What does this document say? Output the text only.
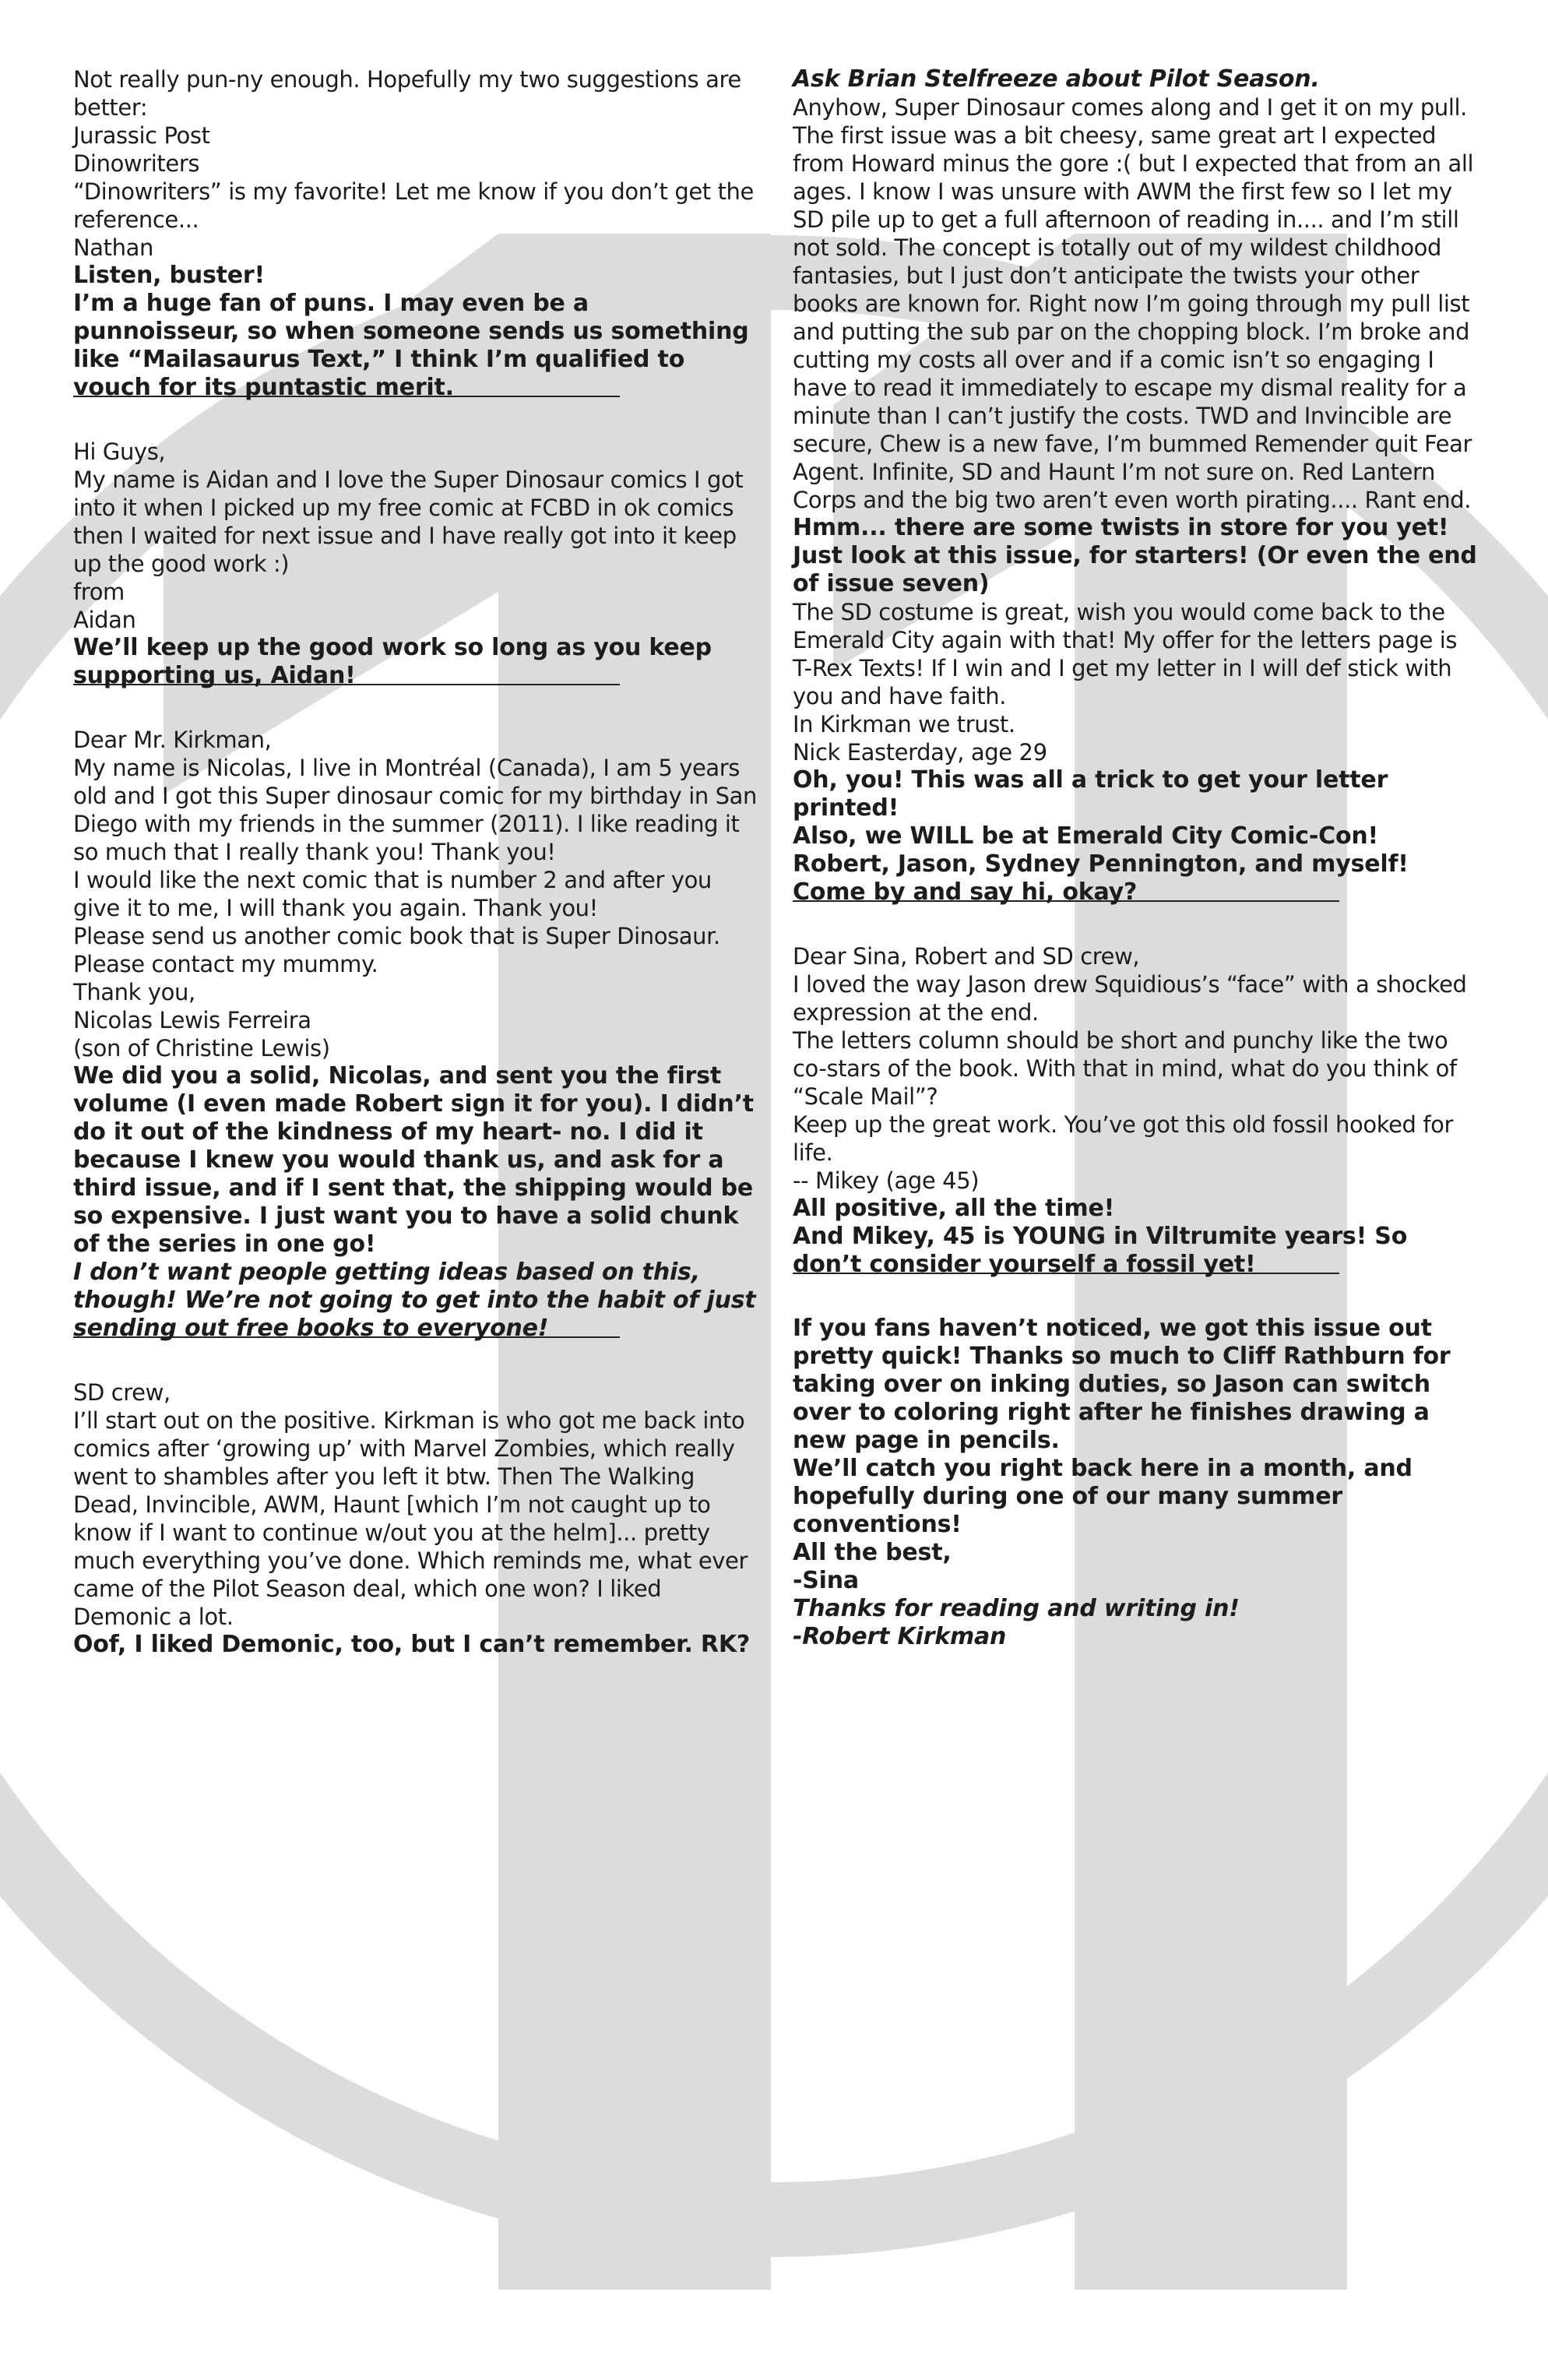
Not really pun-ny enough. Hopefully my two suggestions are better:

Jurassic Post
Dinowriters

“Dinowriters” is my favorite! Let me know if you don’t get the reference...

Nathan

Listen, buster!

I’m a huge fan of puns. I may even be a punnoisseur, so when someone sends us something like “Mailasaurus Text,” I think I’m qualified to vouch for its puntastic merit.

Hi Guys,

My name is Aidan and I love the Super Dinosaur comics I got into it when I picked up my free comic at FCBD in ok comics then I waited for next issue and I have really got into it keep up the good work :)

from
Aidan

We’ll keep up the good work so long as you keep supporting us, Aidan!

Dear Mr. Kirkman,

My name is Nicolas, I live in Montréal (Canada), I am 5 years old and I got this Super dinosaur comic for my birthday in San Diego with my friends in the summer (2011). I like reading it so much that I really thank you! Thank you!

I would like the next comic that is number 2 and after you give it to me, I will thank you again. Thank you!

Please send us another comic book that is Super Dinosaur.

Please contact my mummy.

Thank you,

Nicolas Lewis Ferreira
(son of Christine Lewis)

We did you a solid, Nicolas, and sent you the first volume (I even made Robert sign it for you). I didn’t do it out of the kindness of my heart- no. I did it because I knew you would thank us, and ask for a third issue, and if I sent that, the shipping would be so expensive. I just want you to have a solid chunk of the series in one go!

I don’t want people getting ideas based on this, though! We’re not going to get into the habit of just sending out free books to everyone!

SD crew,

I’ll start out on the positive. Kirkman is who got me back into comics after ‘growing up’ with Marvel Zombies, which really went to shambles after you left it btw. Then The Walking Dead, Invincible, AWM, Haunt [which I’m not caught up to know if I want to continue w/out you at the helm]... pretty much everything you’ve done. Which reminds me, what ever came of the Pilot Season deal, which one won? I liked Demonic a lot.

Oof, I liked Demonic, too, but I can’t remember. RK?

Ask Brian Stelfreeze about Pilot Season.

Anyhow, Super Dinosaur comes along and I get it on my pull. The first issue was a bit cheesy, same great art I expected from Howard minus the gore :( but I expected that from an all ages. I know I was unsure with AWM the first few so I let my SD pile up to get a full afternoon of reading in.... and I’m still not sold. The concept is totally out of my wildest childhood fantasies, but I just don’t anticipate the twists your other books are known for. Right now I’m going through my pull list and putting the sub par on the chopping block. I’m broke and cutting my costs all over and if a comic isn’t so engaging I have to read it immediately to escape my dismal reality for a minute than I can’t justify the costs. TWD and Invincible are secure, Chew is a new fave, I’m bummed Remender quit Fear Agent. Infinite, SD and Haunt I’m not sure on. Red Lantern Corps and the big two aren’t even worth pirating.... Rant end.

Hmm... there are some twists in store for you yet! Just look at this issue, for starters! (Or even the end of issue seven)

The SD costume is great, wish you would come back to the Emerald City again with that! My offer for the letters page is T-Rex Texts! If I win and I get my letter in I will def stick with you and have faith.

In Kirkman we trust.

Nick Easterday, age 29

Oh, you! This was all a trick to get your letter printed!

Also, we WILL be at Emerald City Comic-Con! Robert, Jason, Sydney Pennington, and myself! Come by and say hi, okay?

Dear Sina, Robert and SD crew,

I loved the way Jason drew Squidious’s “face” with a shocked expression at the end.

The letters column should be short and punchy like the two co-stars of the book. With that in mind, what do you think of “Scale Mail”?

Keep up the great work. You’ve got this old fossil hooked for life.

-- Mikey (age 45)

All positive, all the time!

And Mikey, 45 is YOUNG in Viltrumite years! So don’t consider yourself a fossil yet!

If you fans haven’t noticed, we got this issue out pretty quick! Thanks so much to Cliff Rathburn for taking over on inking duties, so Jason can switch over to coloring right after he finishes drawing a new page in pencils.

We’ll catch you right back here in a month, and hopefully during one of our many summer conventions!

All the best,

-Sina

Thanks for reading and writing in!

-Robert Kirkman
